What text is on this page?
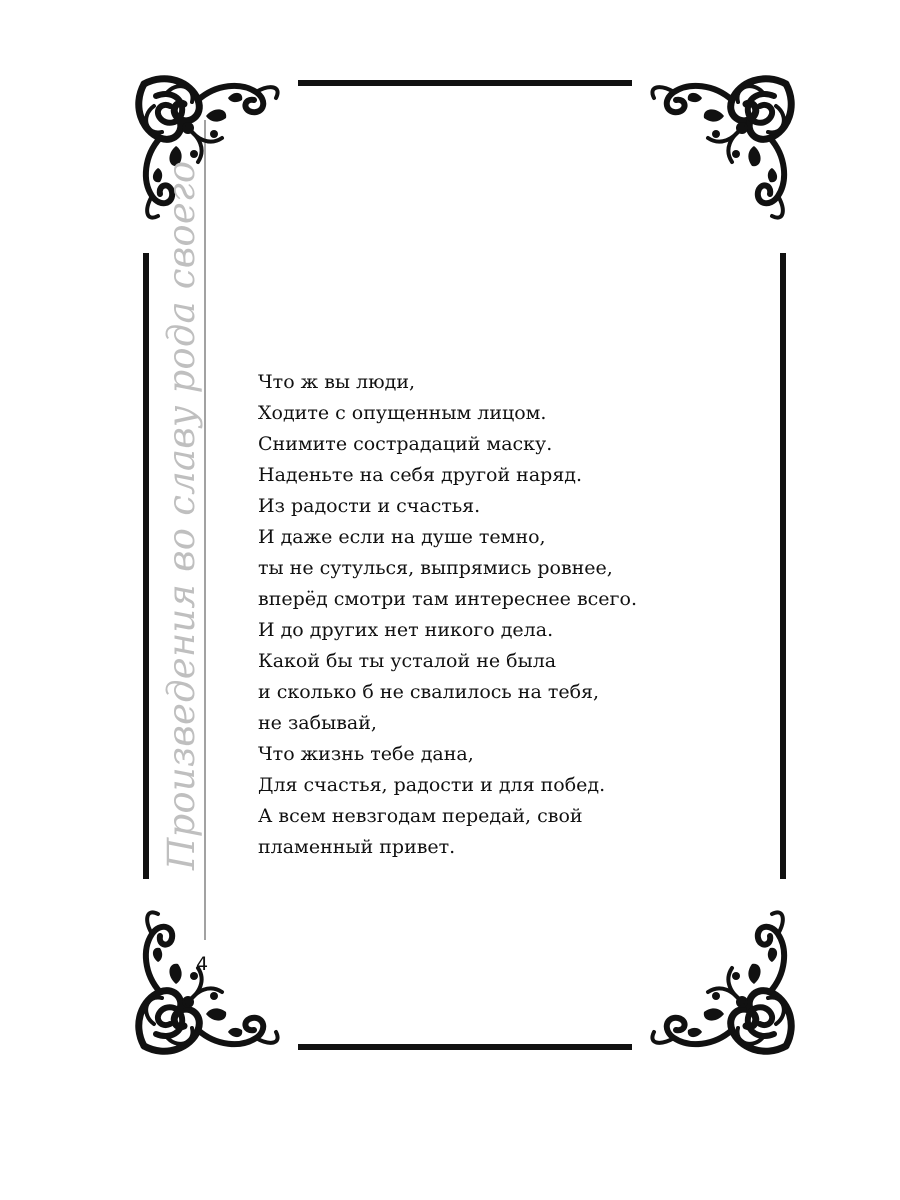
Произведения во славу рода своего	Что ж вы люди,
Ходите с опущенным лицом.
Снимите сострадаций маску.
Наденьте на себя другой наряд.
Из радости и счастья.
И даже если на душе темно,
ты не сутулься, выпрямись ровнее,
вперёд смотри там интереснее всего.
И до других нет никого дела.
Какой бы ты усталой не была
и сколько б не свалилось на тебя,
не забывай,
Что жизнь тебе дана,
Для счастья, радости и для побед.
А всем невзгодам передай, свой
пламенный привет.
4
